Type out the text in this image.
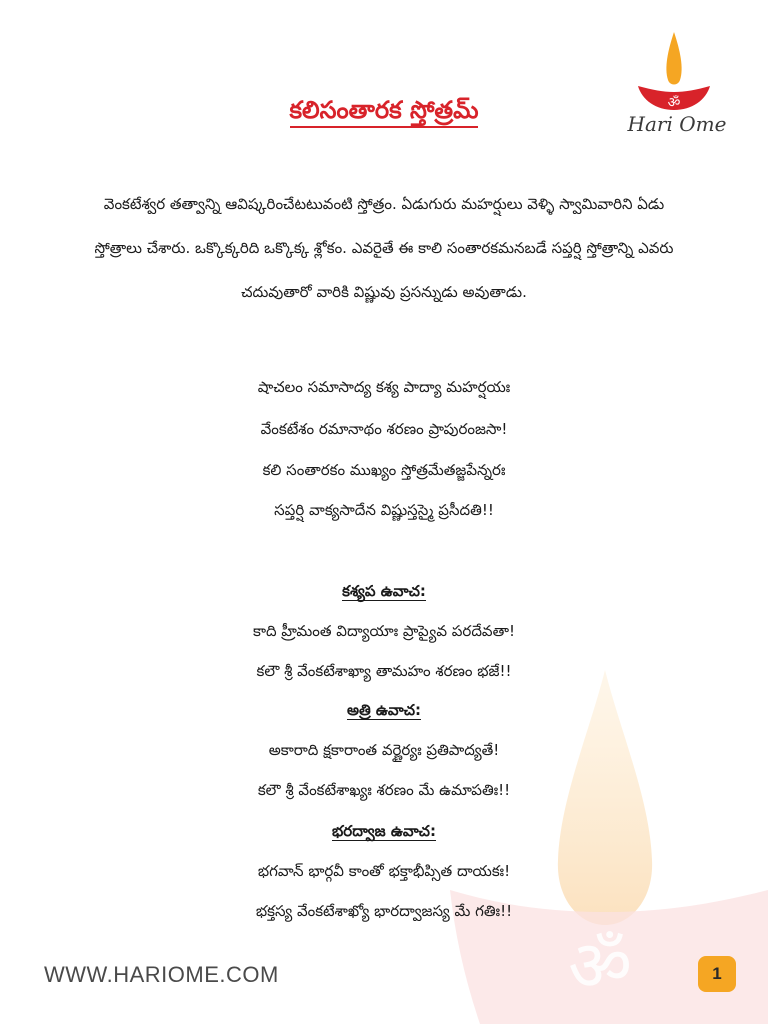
ॐ
ॐ
Hari Ome
కలిసంతారక స్తోత్రమ్
వెంకటేశ్వర తత్వాన్ని ఆవిష్కరించేటటువంటి స్తోత్రం. ఏడుగురు మహర్షులు వెళ్ళి స్వామివారిని ఏడు స్తోత్రాలు చేశారు. ఒక్కొక్కరిది ఒక్కొక్క శ్లోకం. ఎవరైతే ఈ కాలి సంతారకమనబడే సప్తర్షి స్తోత్రాన్ని ఎవరు చదువుతారో వారికి విష్ణువు ప్రసన్నుడు అవుతాడు.
షాచలం సమాసాద్య కశ్య పాద్యా మహర్షయః
వేంకటేశం రమానాథం శరణం ప్రాపురంజసా!
కలి సంతారకం ముఖ్యం స్తోత్రమేతజ్జపేన్నరః
సప్తర్షి వాక్యసాదేన విష్ణుస్తస్మై ప్రసీదతి!!
కశ్యప ఉవాచ:
కాది హ్రీమంత విద్యాయాః ప్రాప్యైవ పరదేవతా!
కలౌ శ్రీ వేంకటేశాఖ్యా తామహం శరణం భజే!!
అత్రి ఉవాచ:
అకారాది క్షకారాంత వర్ణైర్యః ప్రతిపాద్యతే!
కలౌ శ్రీ వేంకటేశాఖ్యః శరణం మే ఉమాపతిః!!
భరద్వాజ ఉవాచ:
భగవాన్ భార్గవీ కాంతో భక్తాభీప్సిత దాయకః!
భక్తస్య వేంకటేశాఖ్యో భారద్వాజస్య మే గతిః!!
WWW.HARIOME.COM	1
